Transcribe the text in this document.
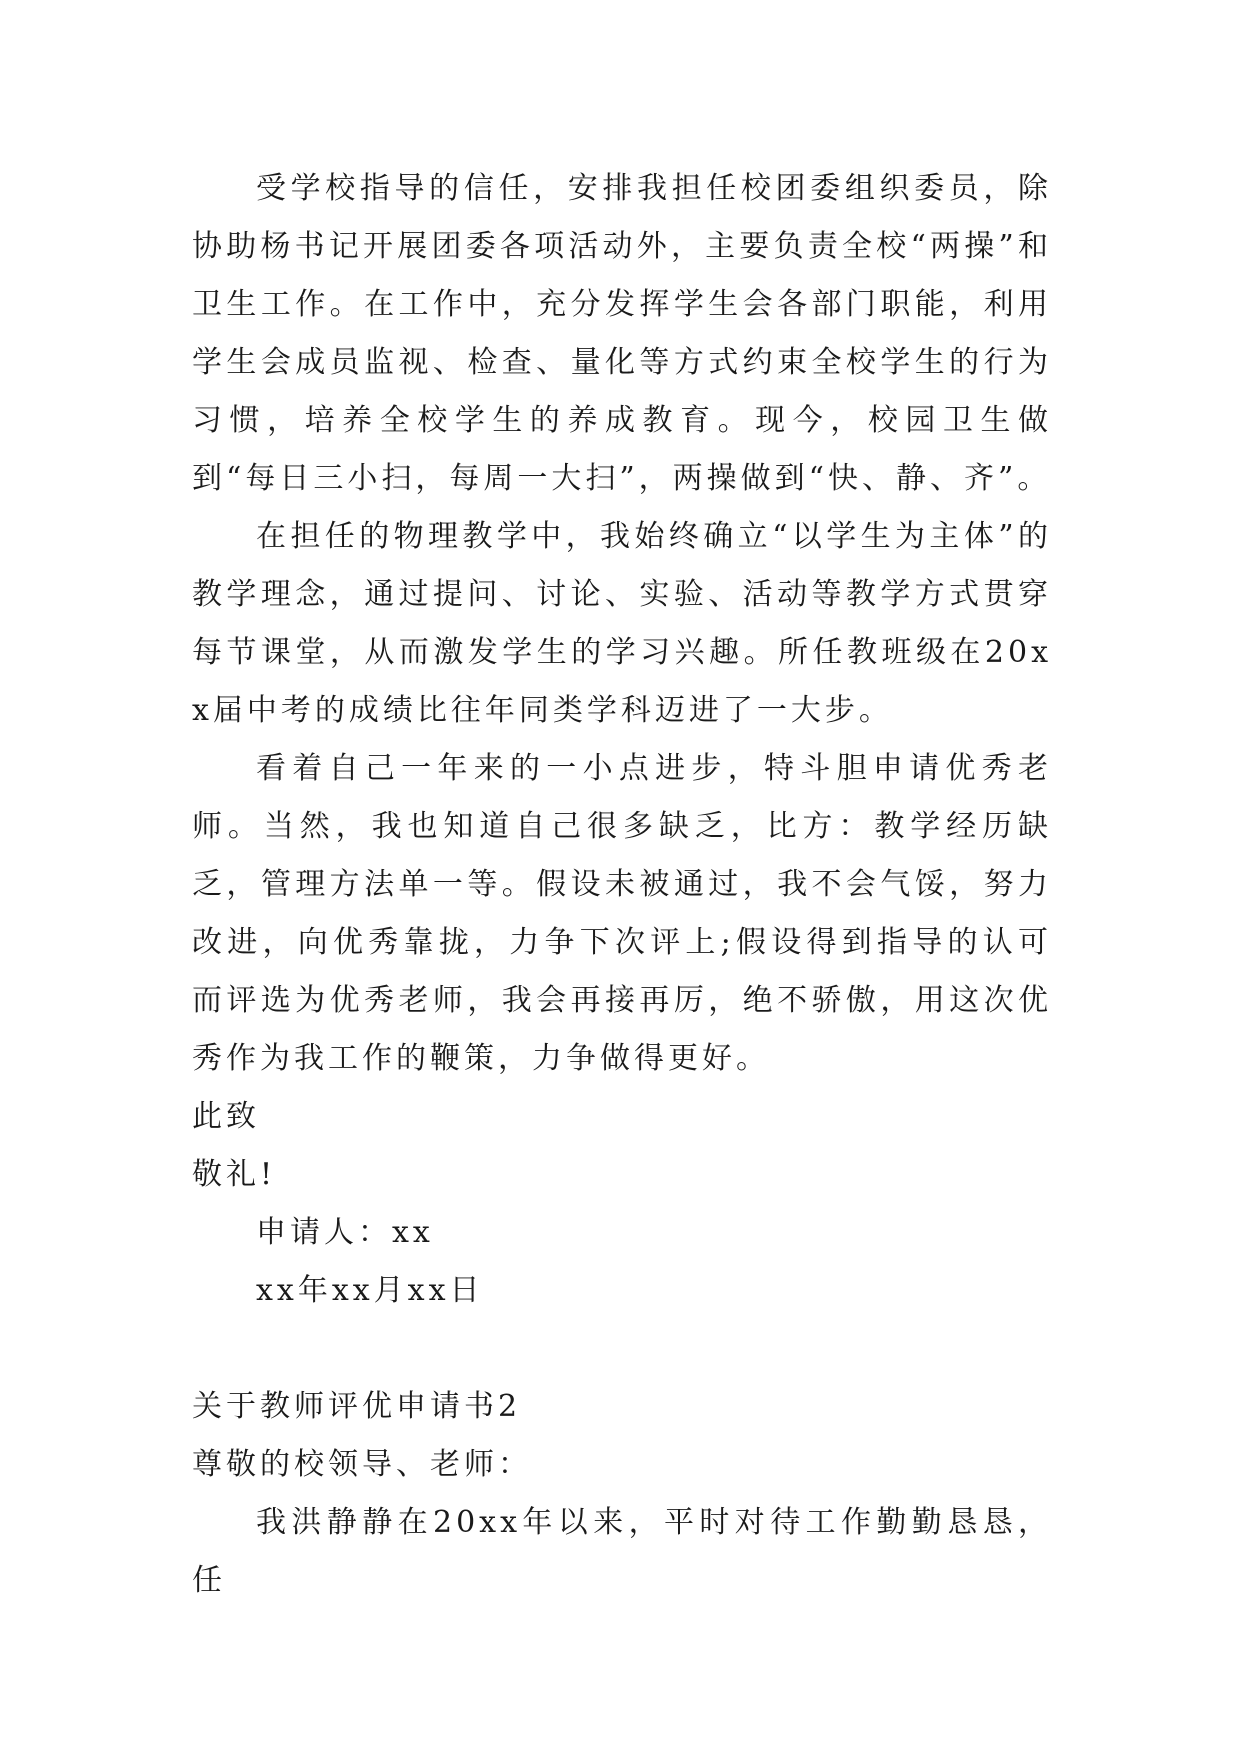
受学校指导的信任，安排我担任校团委组织委员，除协助杨书记开展团委各项活动外，主要负责全校“两操”和卫生工作。在工作中，充分发挥学生会各部门职能，利用学生会成员监视、检查、量化等方式约束全校学生的行为习惯，培养全校学生的养成教育。现今，校园卫生做到“每日三小扫，每周一大扫”，两操做到“快、静、齐”。

在担任的物理教学中，我始终确立“以学生为主体”的教学理念，通过提问、讨论、实验、活动等教学方式贯穿每节课堂，从而激发学生的学习兴趣。所任教班级在20xx届中考的成绩比往年同类学科迈进了一大步。

看着自己一年来的一小点进步，特斗胆申请优秀老师。当然，我也知道自己很多缺乏，比方：教学经历缺乏，管理方法单一等。假设未被通过，我不会气馁，努力改进，向优秀靠拢，力争下次评上;假设得到指导的认可而评选为优秀老师，我会再接再厉，绝不骄傲，用这次优秀作为我工作的鞭策，力争做得更好。

此致

敬礼!

申请人：xx

xx年xx月xx日

关于教师评优申请书2

尊敬的校领导、老师：

我洪静静在20xx年以来，平时对待工作勤勤恳恳，任
